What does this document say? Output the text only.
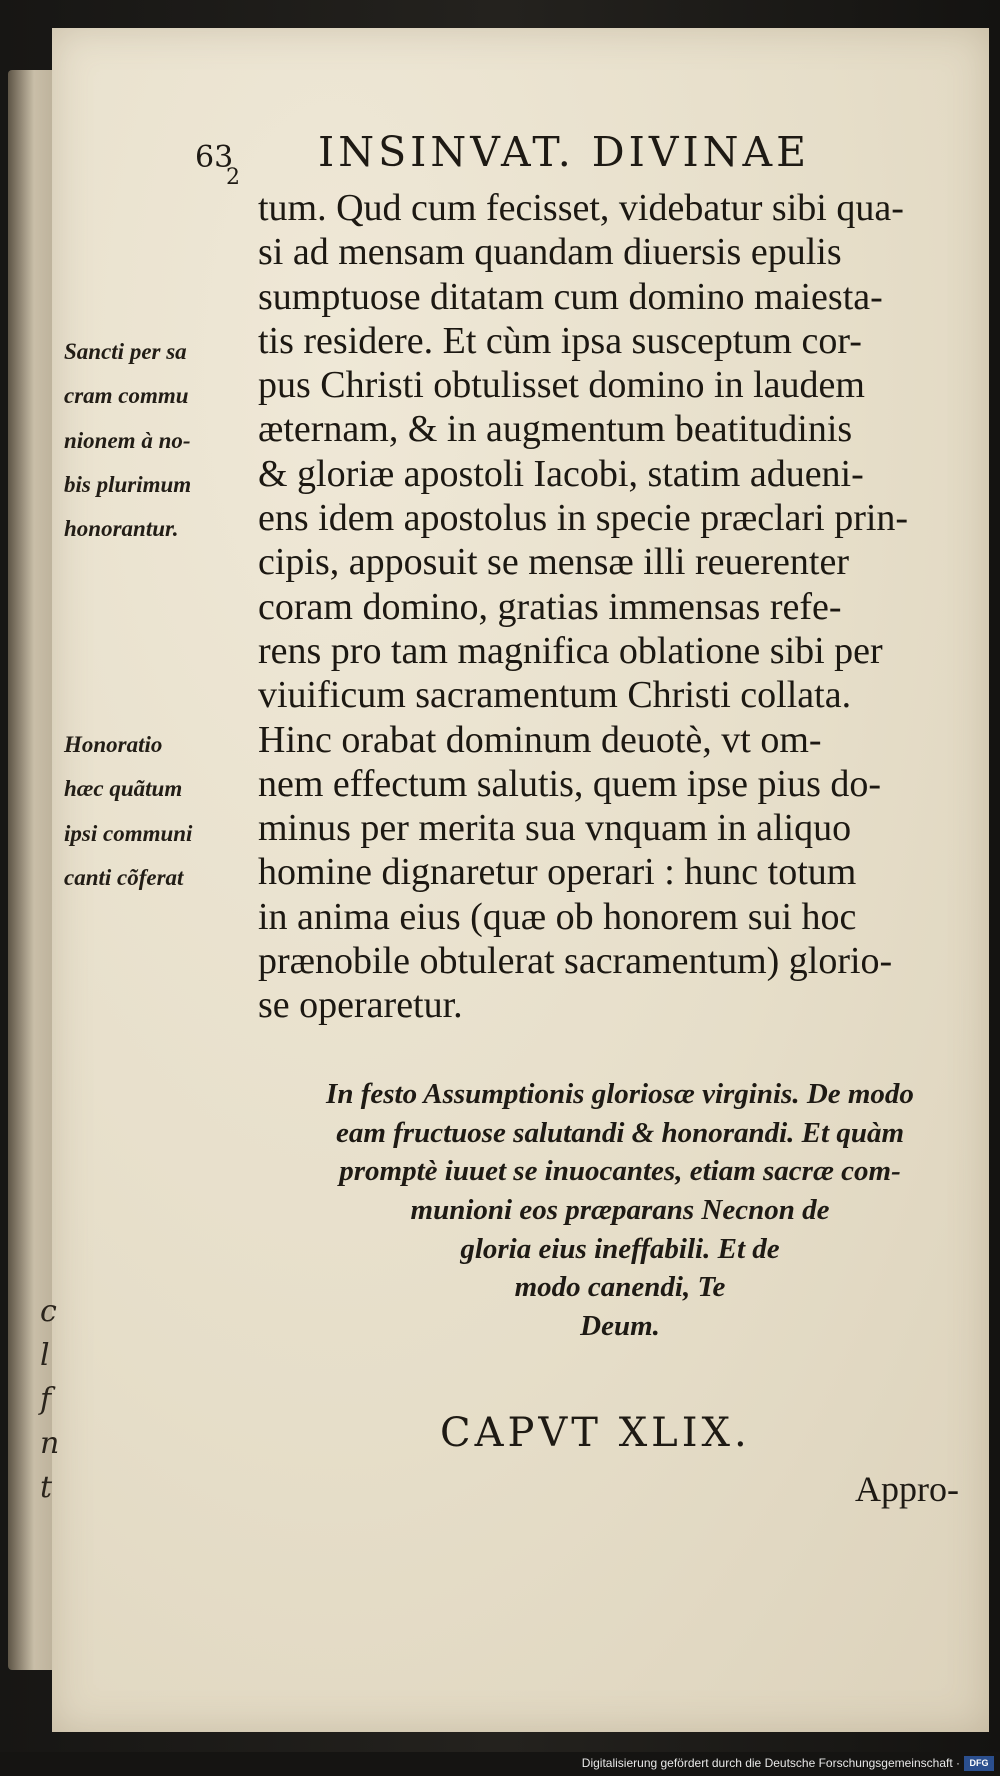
c
l
f
n
t
63
2
INSINVAT. DIVINAE
tum. Qud cum fecisset, videbatur sibi qua-
si ad mensam quandam diuersis epulis
sumptuose ditatam cum domino maiesta-
tis residere. Et cùm ipsa susceptum cor-
pus Christi obtulisset domino in laudem
æternam, & in augmentum beatitudinis
& gloriæ apostoli Iacobi, statim adueni-
ens idem apostolus in specie præclari prin-
cipis, apposuit se mensæ illi reuerenter
coram domino, gratias immensas refe-
rens pro tam magnifica oblatione sibi per
viuificum sacramentum Christi collata.
Hinc orabat dominum deuotè, vt om-
nem effectum salutis, quem ipse pius do-
minus per merita sua vnquam in aliquo
homine dignaretur operari : hunc totum
in anima eius (quæ ob honorem sui hoc
prænobile obtulerat sacramentum) glorio-
se operaretur.
Sancti per sa
cram commu
nionem à no-
bis plurimum
honorantur.
Honoratio
hæc quãtum
ipsi communi
canti cõferat
In festo Assumptionis gloriosæ virginis. De modo
eam fructuose salutandi & honorandi. Et quàm
promptè iuuet se inuocantes, etiam sacræ com-
munioni eos præparans Necnon de
gloria eius ineffabili. Et de
modo canendi, Te
Deum.
CAPVT XLIX.
Appro-
Digitalisierung gefördert durch die Deutsche Forschungsgemeinschaft ·	DFG
